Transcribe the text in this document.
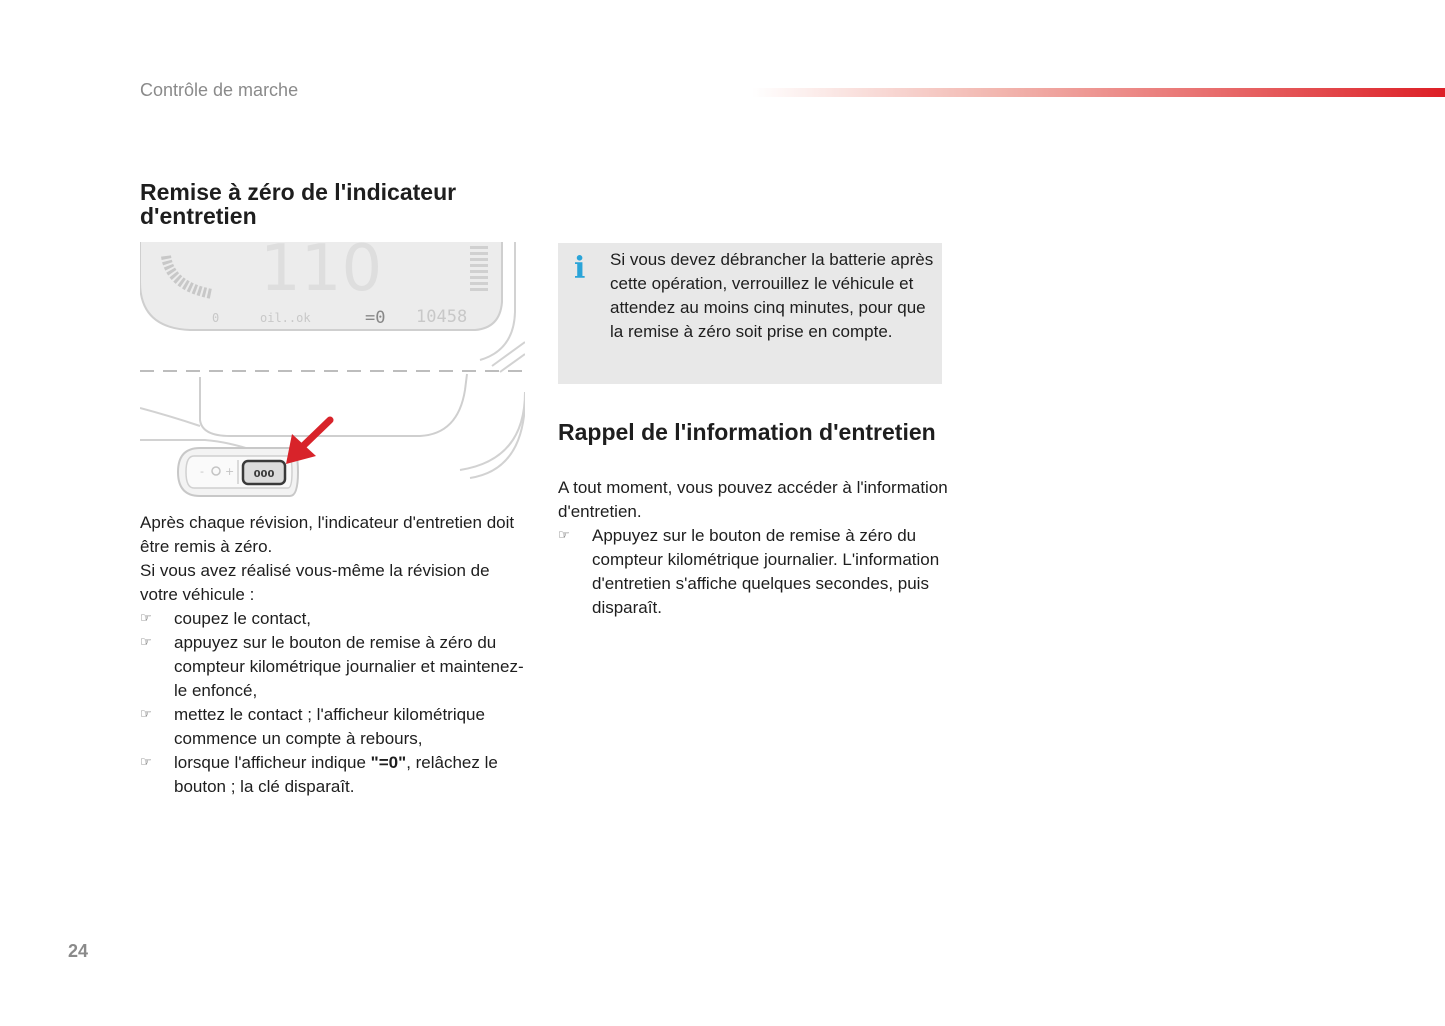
Contrôle de marche
Remise à zéro de l'indicateur d'entretien
110
0	oil..ok	=0 10458
- + 000

Après chaque révision, l'indicateur d'entretien doit être remis à zéro.

Si vous avez réalisé vous-même la révision de votre véhicule :

☞ coupez le contact,
☞ appuyez sur le bouton de remise à zéro du compteur kilométrique journalier et maintenez-le enfoncé,
☞ mettez le contact ; l'afficheur kilométrique commence un compte à rebours,
☞ lorsque l'afficheur indique "=0", relâchez le bouton ; la clé disparaît.
i Si vous devez débrancher la batterie après cette opération, verrouillez le véhicule et attendez au moins cinq minutes, pour que la remise à zéro soit prise en compte.
Rappel de l'information d'entretien

A tout moment, vous pouvez accéder à l'information d'entretien.

☞ Appuyez sur le bouton de remise à zéro du compteur kilométrique journalier. L'information d'entretien s'affiche quelques secondes, puis disparaît.
24
